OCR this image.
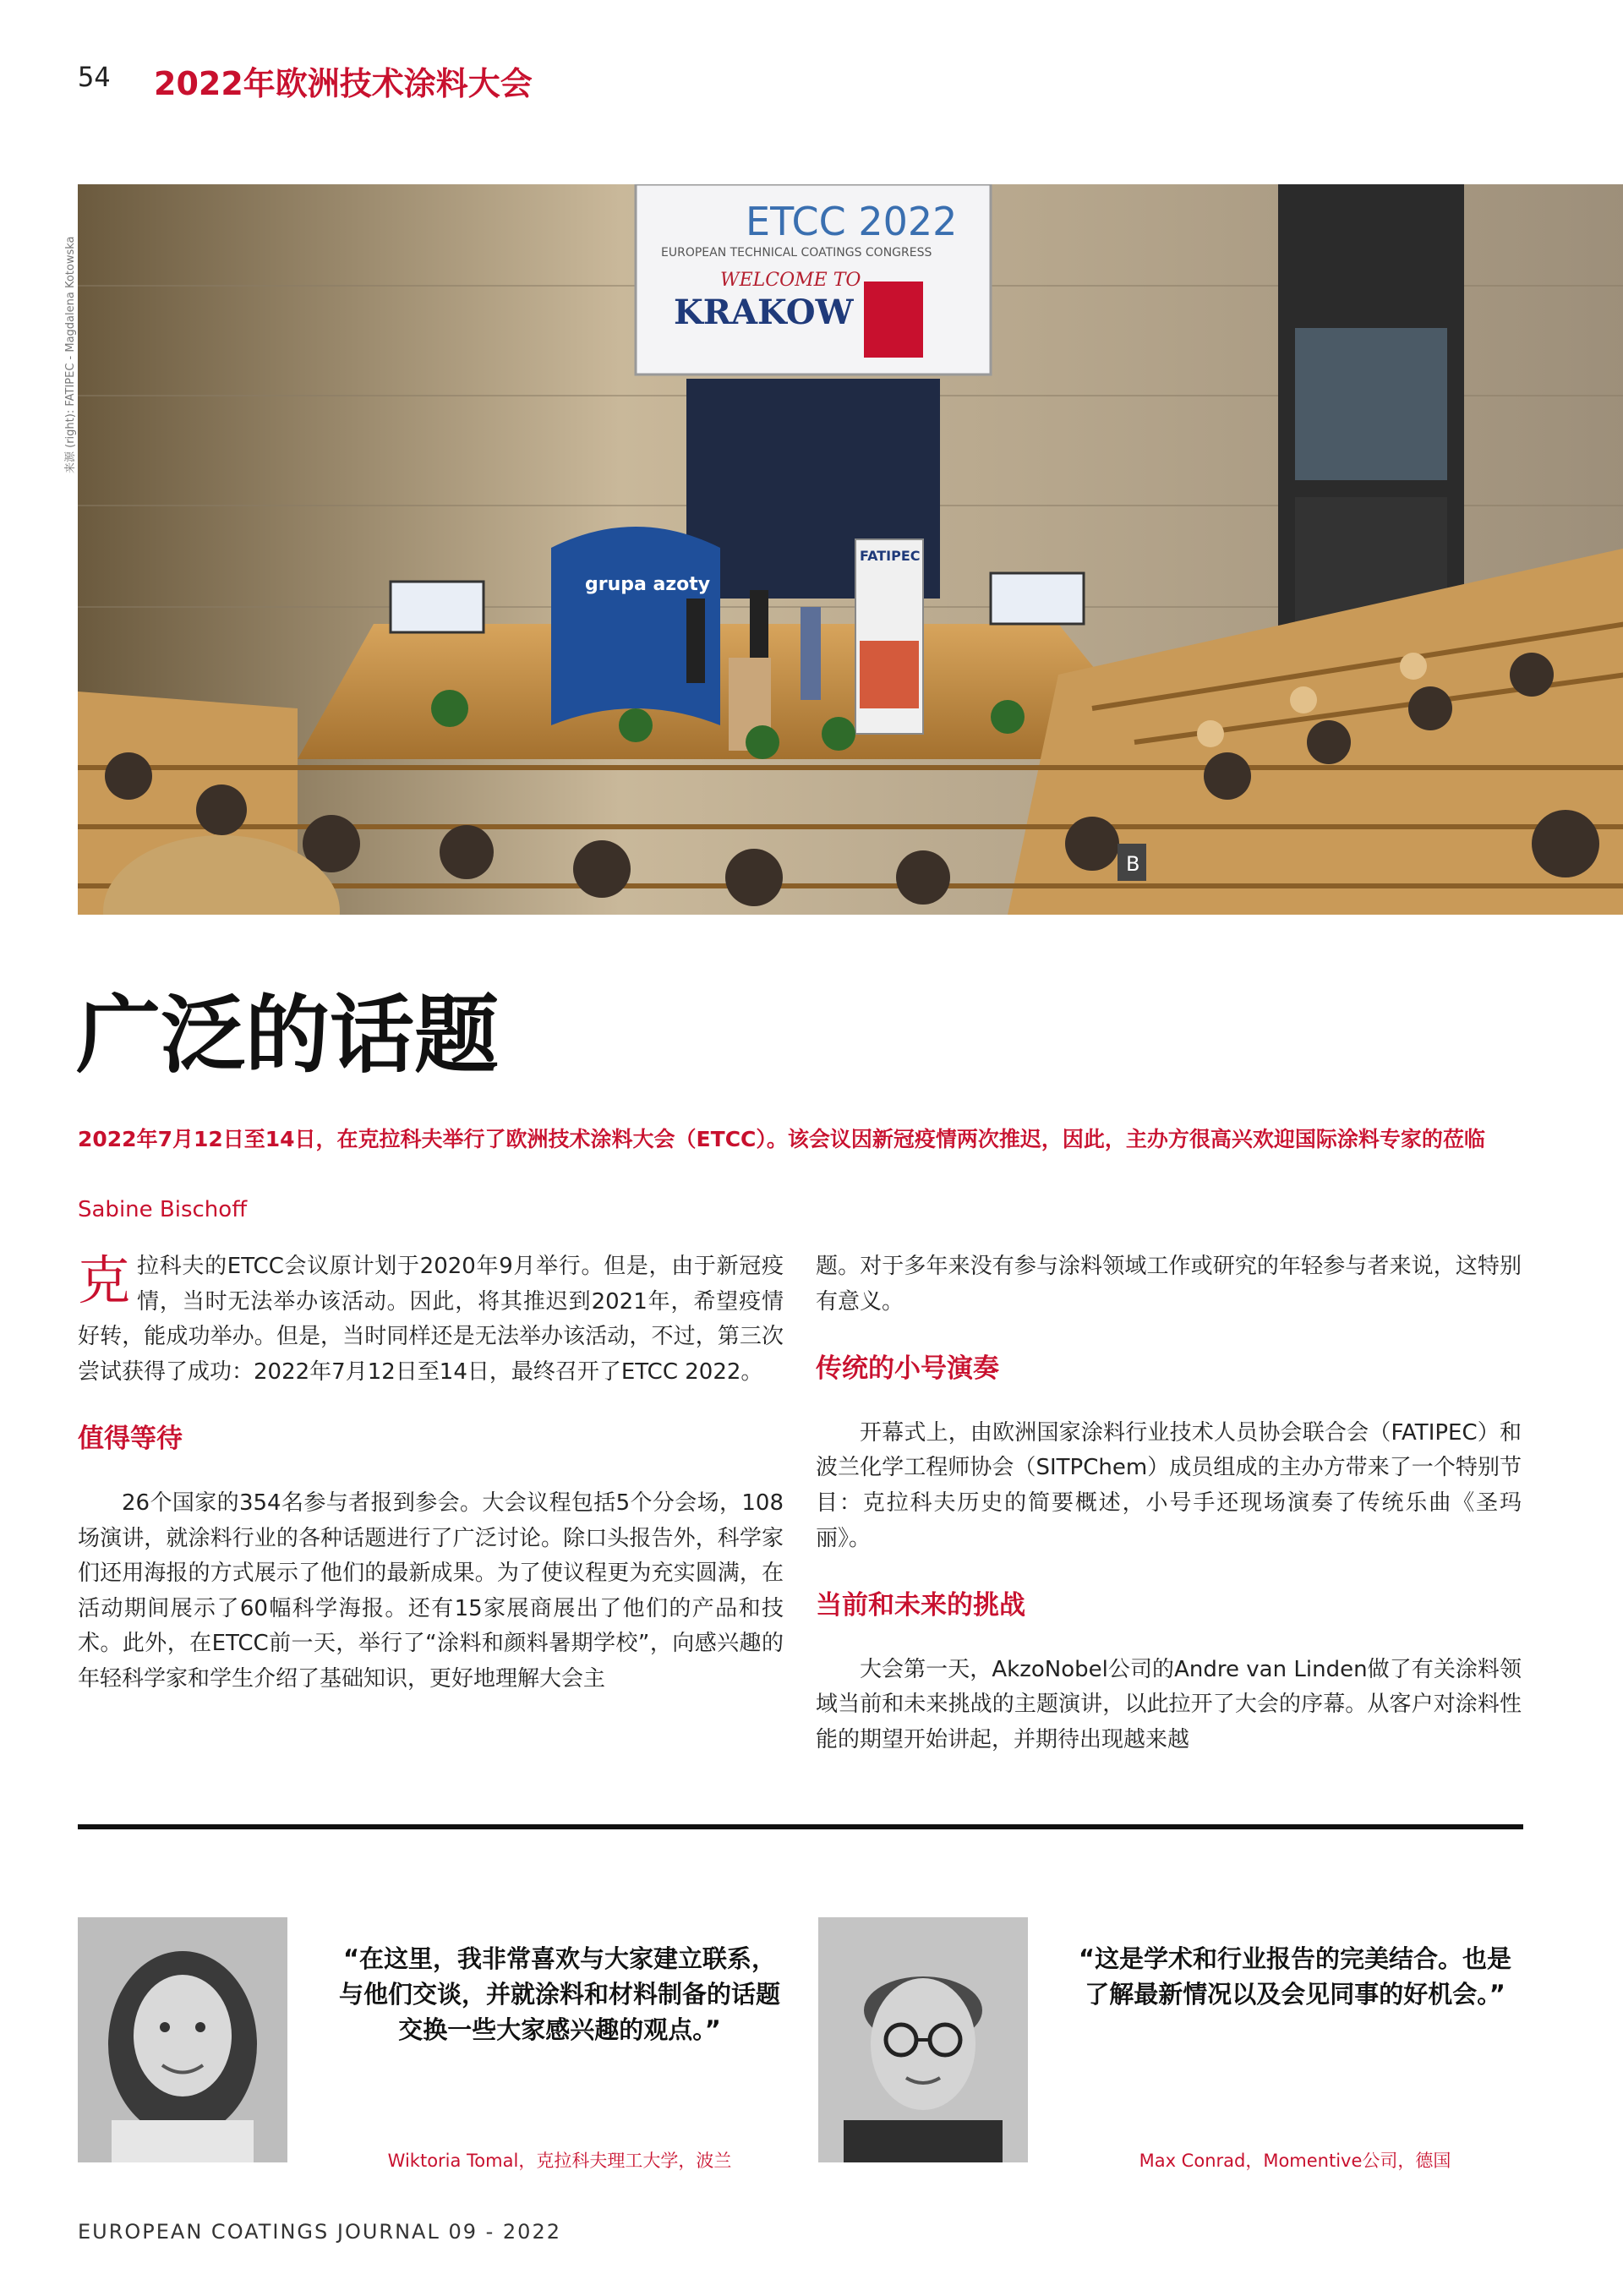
54 2022年欧洲技术涂料大会
来源 (right): FATIPEC - Magdalena Kotowska
ETCC 2022
EUROPEAN TECHNICAL COATINGS CONGRESS
WELCOME TO
KRAKOW
grupa azoty
FATIPEC
B
广泛的话题
2022年7月12日至14日，在克拉科夫举行了欧洲技术涂料大会（ETCC）。该会议因新冠疫情两次推迟，因此，主办方很高兴欢迎国际涂料专家的莅临
Sabine Bischoff

克拉科夫的ETCC会议原计划于2020年9月举行。但是，由于新冠疫情，当时无法举办该活动。因此，将其推迟到2021年，希望疫情好转，能成功举办。但是，当时同样还是无法举办该活动，不过，第三次尝试获得了成功：2022年7月12日至14日，最终召开了ETCC 2022。

值得等待

26个国家的354名参与者报到参会。大会议程包括5个分会场，108场演讲，就涂料行业的各种话题进行了广泛讨论。除口头报告外，科学家们还用海报的方式展示了他们的最新成果。为了使议程更为充实圆满，在活动期间展示了60幅科学海报。还有15家展商展出了他们的产品和技术。此外，在ETCC前一天，举行了“涂料和颜料暑期学校”，向感兴趣的年轻科学家和学生介绍了基础知识，更好地理解大会主

题。对于多年来没有参与涂料领域工作或研究的年轻参与者来说，这特别有意义。

传统的小号演奏

开幕式上，由欧洲国家涂料行业技术人员协会联合会（FATIPEC）和波兰化学工程师协会（SITPChem）成员组成的主办方带来了一个特别节目：克拉科夫历史的简要概述，小号手还现场演奏了传统乐曲《圣玛丽》。

当前和未来的挑战

大会第一天，AkzoNobel公司的Andre van Linden做了有关涂料领域当前和未来挑战的主题演讲，以此拉开了大会的序幕。从客户对涂料性能的期望开始讲起，并期待出现越来越

“在这里，我非常喜欢与大家建立联系，与他们交谈，并就涂料和材料制备的话题交换一些大家感兴趣的观点。”
Wiktoria Tomal，克拉科夫理工大学，波兰
“这是学术和行业报告的完美结合。也是了解最新情况以及会见同事的好机会。”
Max Conrad，Momentive公司，德国
EUROPEAN COATINGS JOURNAL 09 - 2022
